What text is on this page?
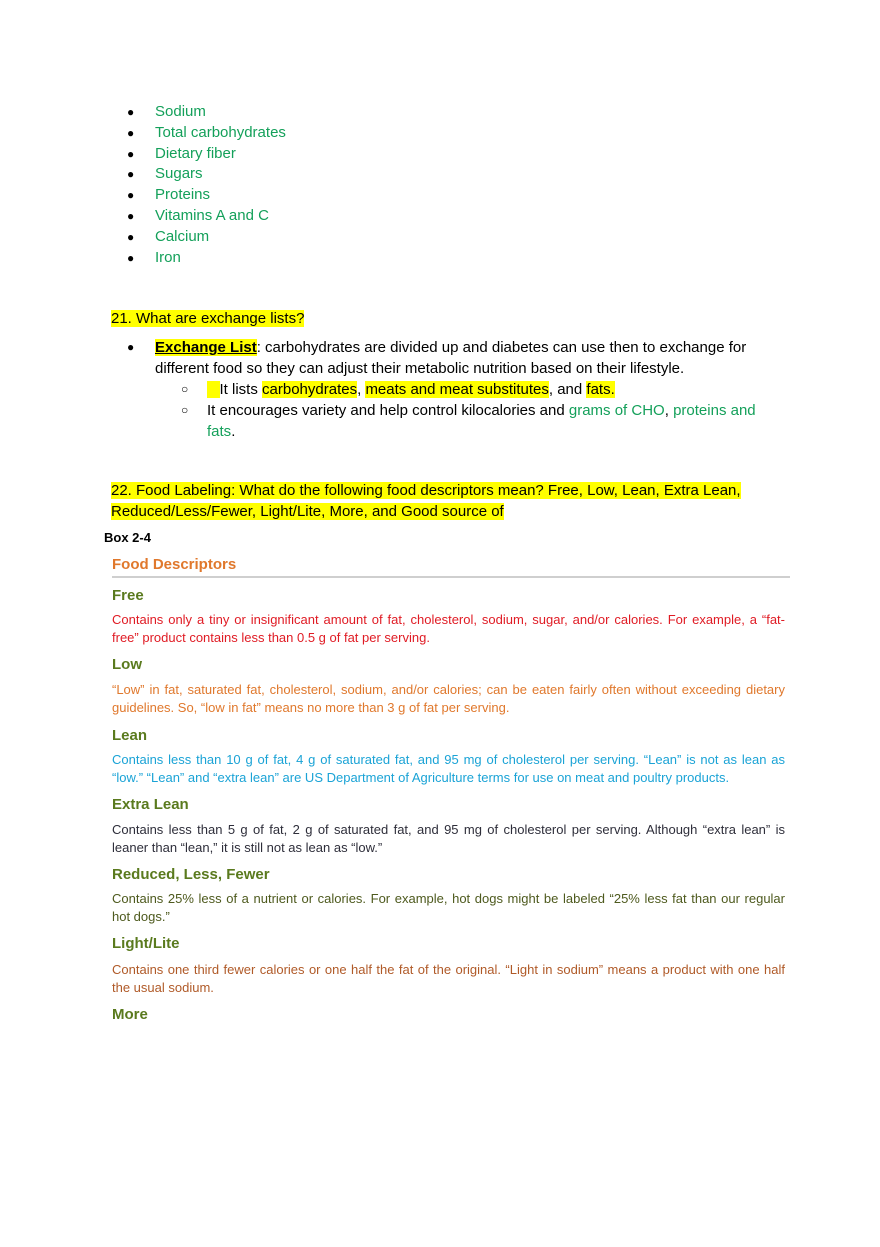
● Sodium
● Total carbohydrates
● Dietary fiber
● Sugars
● Proteins
● Vitamins A and C
● Calcium
● Iron
21. What are exchange lists?
● Exchange List: carbohydrates are divided up and diabetes can use then to exchange for different food so they can adjust their metabolic nutrition based on their lifestyle.
○	It lists carbohydrates, meats and meat substitutes, and fats.
○ It encourages variety and help control kilocalories and grams of CHO, proteins and fats.
22. Food Labeling: What do the following food descriptors mean? Free, Low, Lean, Extra Lean, Reduced/Less/Fewer, Light/Lite, More, and Good source of
Box 2-4
Food Descriptors
Free

Contains only a tiny or insignificant amount of fat, cholesterol, sodium, sugar, and/or calories. For example, a “fat-free” product contains less than 0.5 g of fat per serving.

Low

“Low” in fat, saturated fat, cholesterol, sodium, and/or calories; can be eaten fairly often without exceeding dietary guidelines. So, “low in fat” means no more than 3 g of fat per serving.

Lean

Contains less than 10 g of fat, 4 g of saturated fat, and 95 mg of cholesterol per serving. “Lean” is not as lean as “low.” “Lean” and “extra lean” are US Department of Agriculture terms for use on meat and poultry products.

Extra Lean

Contains less than 5 g of fat, 2 g of saturated fat, and 95 mg of cholesterol per serving. Although “extra lean” is leaner than “lean,” it is still not as lean as “low.”

Reduced, Less, Fewer

Contains 25% less of a nutrient or calories. For example, hot dogs might be labeled “25% less fat than our regular hot dogs.”

Light/Lite

Contains one third fewer calories or one half the fat of the original. “Light in sodium” means a product with one half the usual sodium.

More
